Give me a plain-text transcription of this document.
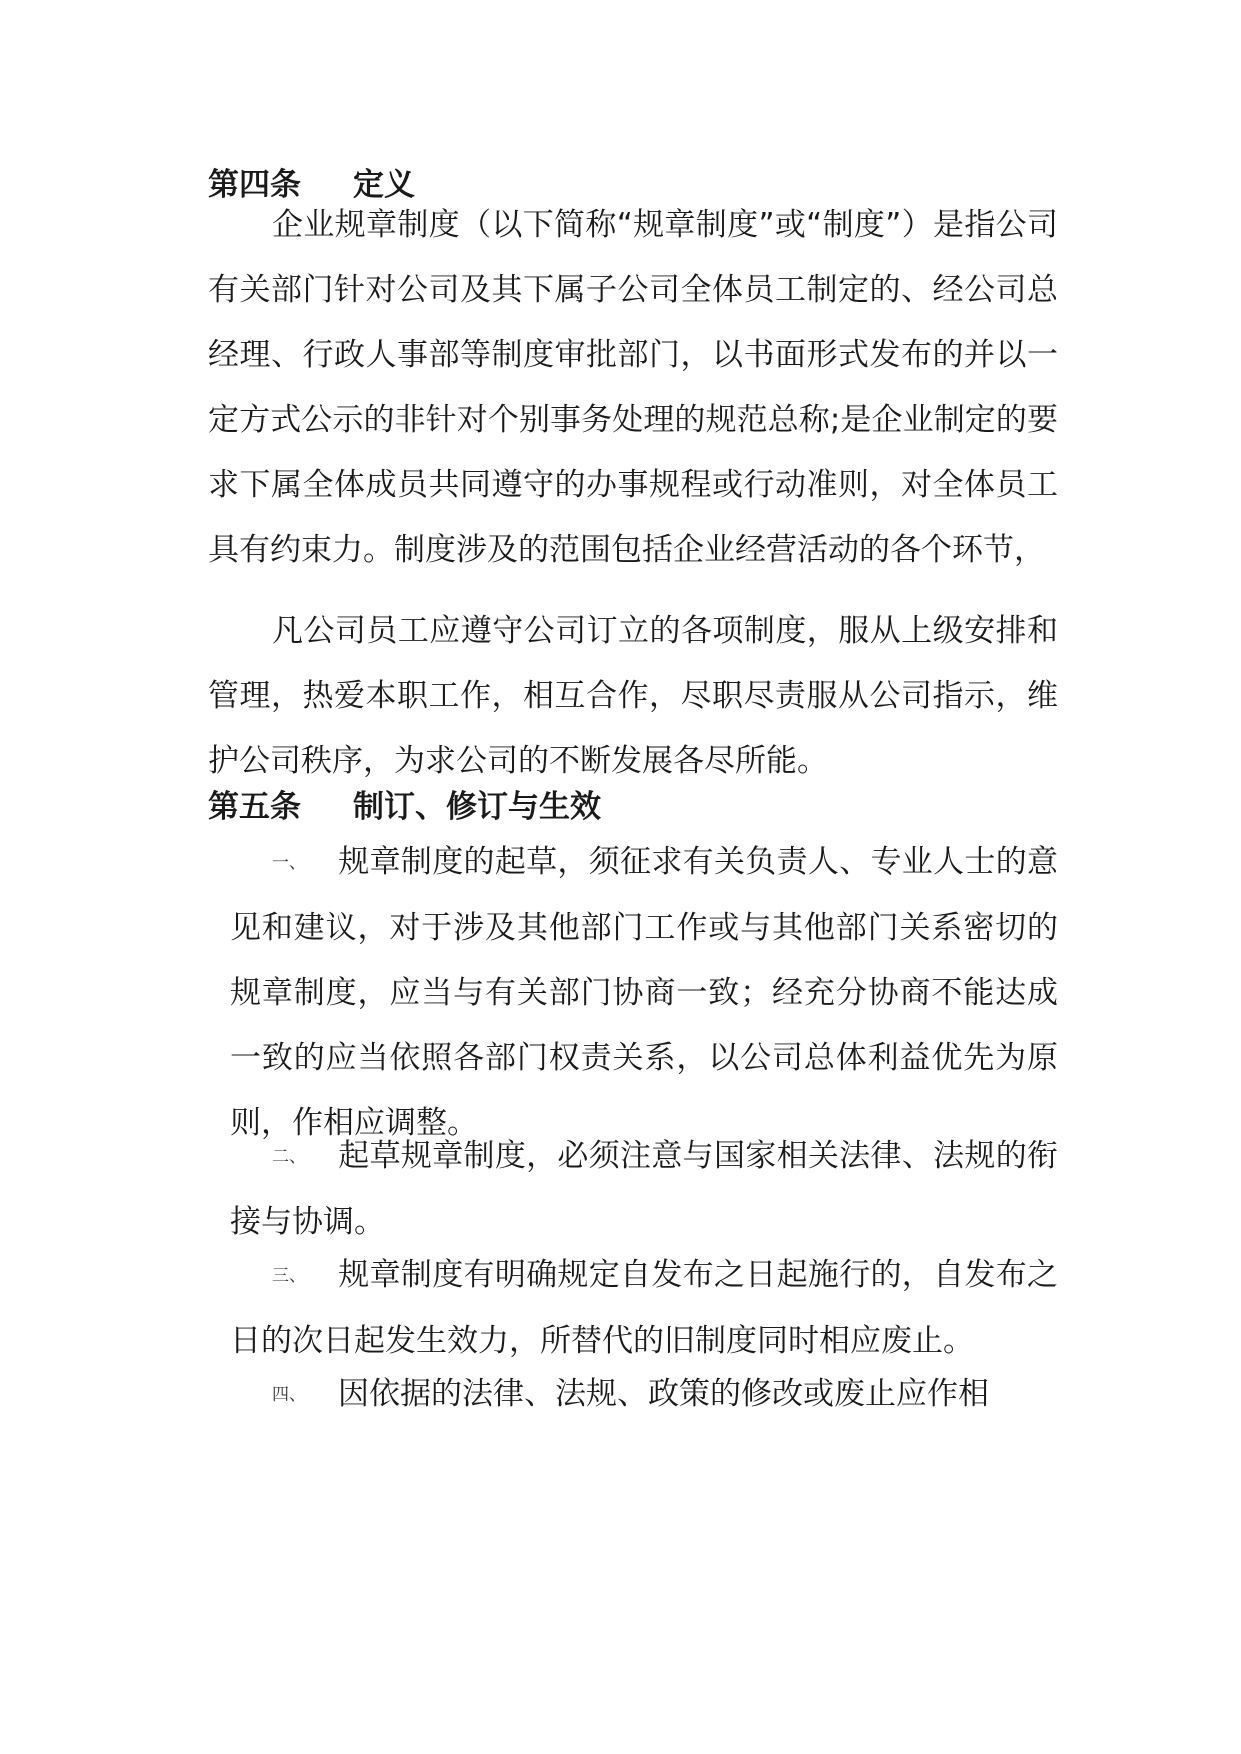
第四条 定义
企业规章制度（以下简称“规章制度”或“制度”）是指公司有关部门针对公司及其下属子公司全体员工制定的、经公司总经理、行政人事部等制度审批部门，以书面形式发布的并以一定方式公示的非针对个别事务处理的规范总称;是企业制定的要求下属全体成员共同遵守的办事规程或行动准则，对全体员工具有约束力。制度涉及的范围包括企业经营活动的各个环节，
凡公司员工应遵守公司订立的各项制度，服从上级安排和管理，热爱本职工作，相互合作，尽职尽责服从公司指示，维护公司秩序，为求公司的不断发展各尽所能。
第五条 制订、修订与生效
一、 规章制度的起草，须征求有关负责人、专业人士的意见和建议，对于涉及其他部门工作或与其他部门关系密切的规章制度，应当与有关部门协商一致；经充分协商不能达成一致的应当依照各部门权责关系，以公司总体利益优先为原则，作相应调整。
二、 起草规章制度，必须注意与国家相关法律、法规的衔接与协调。
三、 规章制度有明确规定自发布之日起施行的，自发布之日的次日起发生效力，所替代的旧制度同时相应废止。
四、 因依据的法律、法规、政策的修改或废止应作相
